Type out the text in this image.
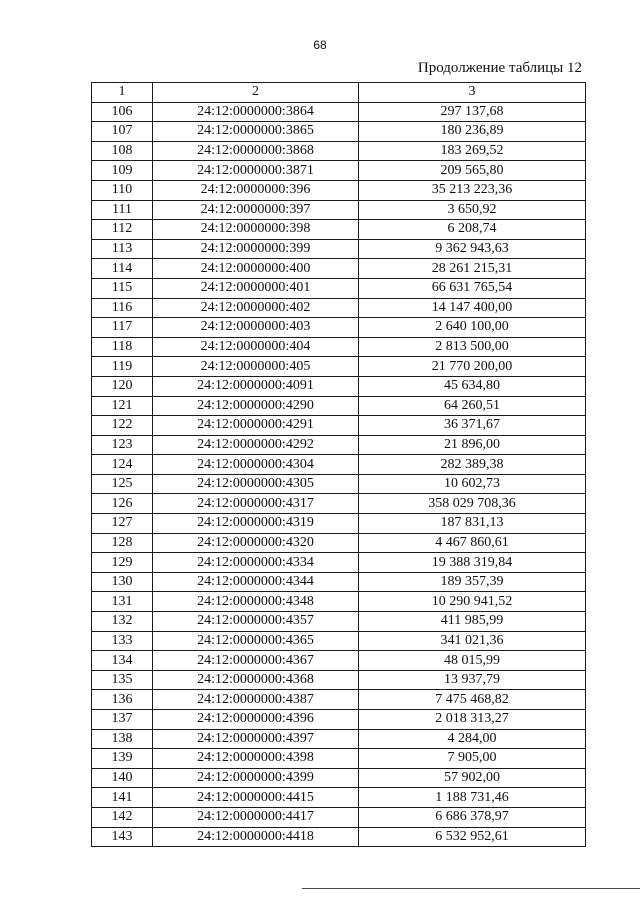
68
Продолжение таблицы 12
1	2	3
106	24:12:0000000:3864	297 137,68
107	24:12:0000000:3865	180 236,89
108	24:12:0000000:3868	183 269,52
109	24:12:0000000:3871	209 565,80
110	24:12:0000000:396	35 213 223,36
111	24:12:0000000:397	3 650,92
112	24:12:0000000:398	6 208,74
113	24:12:0000000:399	9 362 943,63
114	24:12:0000000:400	28 261 215,31
115	24:12:0000000:401	66 631 765,54
116	24:12:0000000:402	14 147 400,00
117	24:12:0000000:403	2 640 100,00
118	24:12:0000000:404	2 813 500,00
119	24:12:0000000:405	21 770 200,00
120	24:12:0000000:4091	45 634,80
121	24:12:0000000:4290	64 260,51
122	24:12:0000000:4291	36 371,67
123	24:12:0000000:4292	21 896,00
124	24:12:0000000:4304	282 389,38
125	24:12:0000000:4305	10 602,73
126	24:12:0000000:4317	358 029 708,36
127	24:12:0000000:4319	187 831,13
128	24:12:0000000:4320	4 467 860,61
129	24:12:0000000:4334	19 388 319,84
130	24:12:0000000:4344	189 357,39
131	24:12:0000000:4348	10 290 941,52
132	24:12:0000000:4357	411 985,99
133	24:12:0000000:4365	341 021,36
134	24:12:0000000:4367	48 015,99
135	24:12:0000000:4368	13 937,79
136	24:12:0000000:4387	7 475 468,82
137	24:12:0000000:4396	2 018 313,27
138	24:12:0000000:4397	4 284,00
139	24:12:0000000:4398	7 905,00
140	24:12:0000000:4399	57 902,00
141	24:12:0000000:4415	1 188 731,46
142	24:12:0000000:4417	6 686 378,97
143	24:12:0000000:4418	6 532 952,61
